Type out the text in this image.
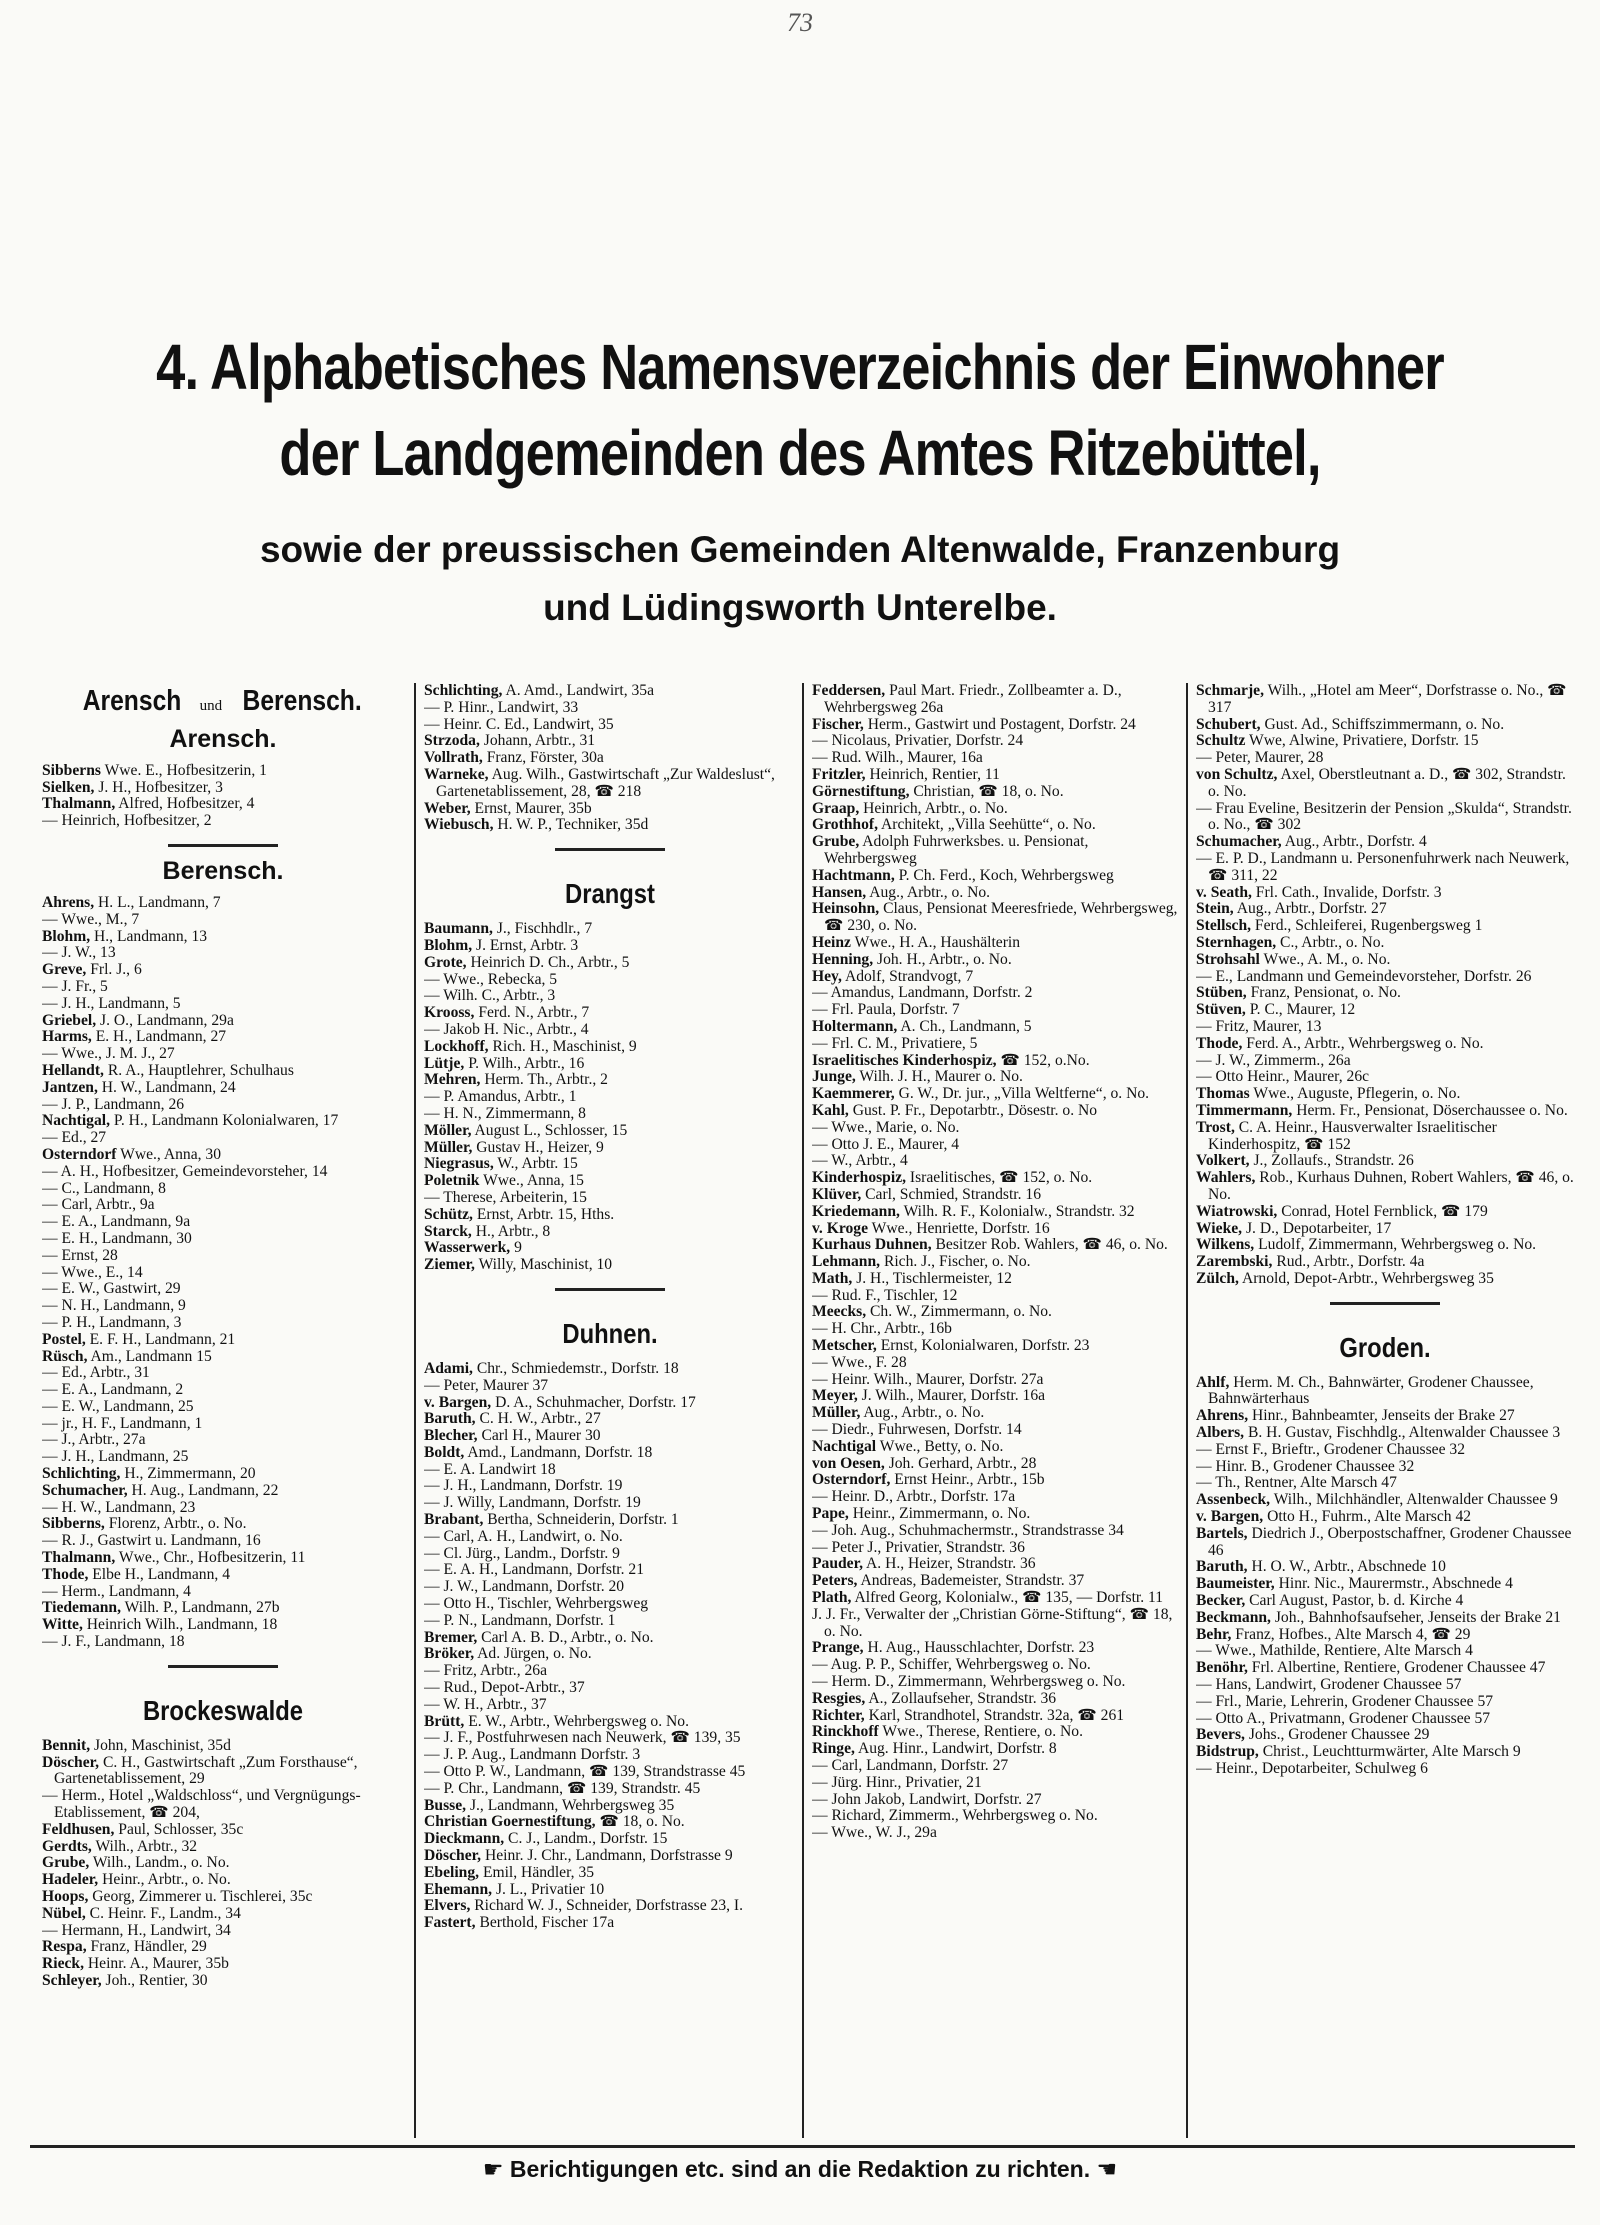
73
4. Alphabetisches Namensverzeichnis der Einwohner
der Landgemeinden des Amtes Ritzebüttel,
sowie der preussischen Gemeinden Altenwalde, Franzenburg
und Lüdingsworth Unterelbe.
Arensch und Berensch.
Arensch.
Sibberns Wwe. E., Hofbesitzerin, 1
Sielken, J. H., Hofbesitzer, 3
Thalmann, Alfred, Hofbesitzer, 4
— Heinrich, Hofbesitzer, 2
Berensch.
Ahrens, H. L., Landmann, 7
— Wwe., M., 7
Blohm, H., Landmann, 13
— J. W., 13
Greve, Frl. J., 6
— J. Fr., 5
— J. H., Landmann, 5
Griebel, J. O., Landmann, 29a
Harms, E. H., Landmann, 27
— Wwe., J. M. J., 27
Hellandt, R. A., Hauptlehrer, Schulhaus
Jantzen, H. W., Landmann, 24
— J. P., Landmann, 26
Nachtigal, P. H., Landmann Kolonialwaren, 17
— Ed., 27
Osterndorf Wwe., Anna, 30
— A. H., Hofbesitzer, Gemeindevorsteher, 14
— C., Landmann, 8
— Carl, Arbtr., 9a
— E. A., Landmann, 9a
— E. H., Landmann, 30
— Ernst, 28
— Wwe., E., 14
— E. W., Gastwirt, 29
— N. H., Landmann, 9
— P. H., Landmann, 3
Postel, E. F. H., Landmann, 21
Rüsch, Am., Landmann 15
— Ed., Arbtr., 31
— E. A., Landmann, 2
— E. W., Landmann, 25
— jr., H. F., Landmann, 1
— J., Arbtr., 27a
— J. H., Landmann, 25
Schlichting, H., Zimmermann, 20
Schumacher, H. Aug., Landmann, 22
— H. W., Landmann, 23
Sibberns, Florenz, Arbtr., o. No.
— R. J., Gastwirt u. Landmann, 16
Thalmann, Wwe., Chr., Hofbesitzerin, 11
Thode, Elbe H., Landmann, 4
— Herm., Landmann, 4
Tiedemann, Wilh. P., Landmann, 27b
Witte, Heinrich Wilh., Landmann, 18
— J. F., Landmann, 18
Brockeswalde
Bennit, John, Maschinist, 35d
Döscher, C. H., Gastwirtschaft „Zum Forsthause“, Gartenetablissement, 29
— Herm., Hotel „Waldschloss“, und Vergnügungs-Etablissement, ☎ 204,
Feldhusen, Paul, Schlosser, 35c
Gerdts, Wilh., Arbtr., 32
Grube, Wilh., Landm., o. No.
Hadeler, Heinr., Arbtr., o. No.
Hoops, Georg, Zimmerer u. Tischlerei, 35c
Nübel, C. Heinr. F., Landm., 34
— Hermann, H., Landwirt, 34
Respa, Franz, Händler, 29
Rieck, Heinr. A., Maurer, 35b
Schleyer, Joh., Rentier, 30
Schlichting, A. Amd., Landwirt, 35a
— P. Hinr., Landwirt, 33
— Heinr. C. Ed., Landwirt, 35
Strzoda, Johann, Arbtr., 31
Vollrath, Franz, Förster, 30a
Warneke, Aug. Wilh., Gastwirtschaft „Zur Waldeslust“, Gartenetablissement, 28, ☎ 218
Weber, Ernst, Maurer, 35b
Wiebusch, H. W. P., Techniker, 35d
Drangst
Baumann, J., Fischhdlr., 7
Blohm, J. Ernst, Arbtr. 3
Grote, Heinrich D. Ch., Arbtr., 5
— Wwe., Rebecka, 5
— Wilh. C., Arbtr., 3
Krooss, Ferd. N., Arbtr., 7
— Jakob H. Nic., Arbtr., 4
Lockhoff, Rich. H., Maschinist, 9
Lütje, P. Wilh., Arbtr., 16
Mehren, Herm. Th., Arbtr., 2
— P. Amandus, Arbtr., 1
— H. N., Zimmermann, 8
Möller, August L., Schlosser, 15
Müller, Gustav H., Heizer, 9
Niegrasus, W., Arbtr. 15
Poletnik Wwe., Anna, 15
— Therese, Arbeiterin, 15
Schütz, Ernst, Arbtr. 15, Hths.
Starck, H., Arbtr., 8
Wasserwerk, 9
Ziemer, Willy, Maschinist, 10
Duhnen.
Adami, Chr., Schmiedemstr., Dorfstr. 18
— Peter, Maurer 37
v. Bargen, D. A., Schuhmacher, Dorfstr. 17
Baruth, C. H. W., Arbtr., 27
Blecher, Carl H., Maurer 30
Boldt, Amd., Landmann, Dorfstr. 18
— E. A. Landwirt 18
— J. H., Landmann, Dorfstr. 19
— J. Willy, Landmann, Dorfstr. 19
Brabant, Bertha, Schneiderin, Dorfstr. 1
— Carl, A. H., Landwirt, o. No.
— Cl. Jürg., Landm., Dorfstr. 9
— E. A. H., Landmann, Dorfstr. 21
— J. W., Landmann, Dorfstr. 20
— Otto H., Tischler, Wehrbergsweg
— P. N., Landmann, Dorfstr. 1
Bremer, Carl A. B. D., Arbtr., o. No.
Bröker, Ad. Jürgen, o. No.
— Fritz, Arbtr., 26a
— Rud., Depot-Arbtr., 37
— W. H., Arbtr., 37
Brütt, E. W., Arbtr., Wehrbergsweg o. No.
— J. F., Postfuhrwesen nach Neuwerk, ☎ 139, 35
— J. P. Aug., Landmann Dorfstr. 3
— Otto P. W., Landmann, ☎ 139, Strandstrasse 45
— P. Chr., Landmann, ☎ 139, Strandstr. 45
Busse, J., Landmann, Wehrbergsweg 35
Christian Goernestiftung, ☎ 18, o. No.
Dieckmann, C. J., Landm., Dorfstr. 15
Döscher, Heinr. J. Chr., Landmann, Dorfstrasse 9
Ebeling, Emil, Händler, 35
Ehemann, J. L., Privatier 10
Elvers, Richard W. J., Schneider, Dorfstrasse 23, I.
Fastert, Berthold, Fischer 17a
Feddersen, Paul Mart. Friedr., Zollbeamter a. D., Wehrbergsweg 26a
Fischer, Herm., Gastwirt und Postagent, Dorfstr. 24
— Nicolaus, Privatier, Dorfstr. 24
— Rud. Wilh., Maurer, 16a
Fritzler, Heinrich, Rentier, 11
Görnestiftung, Christian, ☎ 18, o. No.
Graap, Heinrich, Arbtr., o. No.
Grothhof, Architekt, „Villa Seehütte“, o. No.
Grube, Adolph Fuhrwerksbes. u. Pensionat, Wehrbergsweg
Hachtmann, P. Ch. Ferd., Koch, Wehrbergsweg
Hansen, Aug., Arbtr., o. No.
Heinsohn, Claus, Pensionat Meeresfriede, Wehrbergsweg, ☎ 230, o. No.
Heinz Wwe., H. A., Haushälterin
Henning, Joh. H., Arbtr., o. No.
Hey, Adolf, Strandvogt, 7
— Amandus, Landmann, Dorfstr. 2
— Frl. Paula, Dorfstr. 7
Holtermann, A. Ch., Landmann, 5
— Frl. C. M., Privatiere, 5
Israelitisches Kinderhospiz, ☎ 152, o.No.
Junge, Wilh. J. H., Maurer o. No.
Kaemmerer, G. W., Dr. jur., „Villa Weltferne“, o. No.
Kahl, Gust. P. Fr., Depotarbtr., Dösestr. o. No
— Wwe., Marie, o. No.
— Otto J. E., Maurer, 4
— W., Arbtr., 4
Kinderhospiz, Israelitisches, ☎ 152, o. No.
Klüver, Carl, Schmied, Strandstr. 16
Kriedemann, Wilh. R. F., Kolonialw., Strandstr. 32
v. Kroge Wwe., Henriette, Dorfstr. 16
Kurhaus Duhnen, Besitzer Rob. Wahlers, ☎ 46, o. No.
Lehmann, Rich. J., Fischer, o. No.
Math, J. H., Tischlermeister, 12
— Rud. F., Tischler, 12
Meecks, Ch. W., Zimmermann, o. No.
— H. Chr., Arbtr., 16b
Metscher, Ernst, Kolonialwaren, Dorfstr. 23
— Wwe., F. 28
— Heinr. Wilh., Maurer, Dorfstr. 27a
Meyer, J. Wilh., Maurer, Dorfstr. 16a
Müller, Aug., Arbtr., o. No.
— Diedr., Fuhrwesen, Dorfstr. 14
Nachtigal Wwe., Betty, o. No.
von Oesen, Joh. Gerhard, Arbtr., 28
Osterndorf, Ernst Heinr., Arbtr., 15b
— Heinr. D., Arbtr., Dorfstr. 17a
Pape, Heinr., Zimmermann, o. No.
— Joh. Aug., Schuhmachermstr., Strandstrasse 34
— Peter J., Privatier, Strandstr. 36
Pauder, A. H., Heizer, Strandstr. 36
Peters, Andreas, Bademeister, Strandstr. 37
Plath, Alfred Georg, Kolonialw., ☎ 135, — Dorfstr. 11
J. J. Fr., Verwalter der „Christian Görne-Stiftung“, ☎ 18, o. No.
Prange, H. Aug., Hausschlachter, Dorfstr. 23
— Aug. P. P., Schiffer, Wehrbergsweg o. No.
— Herm. D., Zimmermann, Wehrbergsweg o. No.
Resgies, A., Zollaufseher, Strandstr. 36
Richter, Karl, Strandhotel, Strandstr. 32a, ☎ 261
Rinckhoff Wwe., Therese, Rentiere, o. No.
Ringe, Aug. Hinr., Landwirt, Dorfstr. 8
— Carl, Landmann, Dorfstr. 27
— Jürg. Hinr., Privatier, 21
— John Jakob, Landwirt, Dorfstr. 27
— Richard, Zimmerm., Wehrbergsweg o. No.
— Wwe., W. J., 29a
Schmarje, Wilh., „Hotel am Meer“, Dorfstrasse o. No., ☎ 317
Schubert, Gust. Ad., Schiffszimmermann, o. No.
Schultz Wwe, Alwine, Privatiere, Dorfstr. 15
— Peter, Maurer, 28
von Schultz, Axel, Oberstleutnant a. D., ☎ 302, Strandstr. o. No.
— Frau Eveline, Besitzerin der Pension „Skulda“, Strandstr. o. No., ☎ 302
Schumacher, Aug., Arbtr., Dorfstr. 4
— E. P. D., Landmann u. Personenfuhrwerk nach Neuwerk, ☎ 311, 22
v. Seath, Frl. Cath., Invalide, Dorfstr. 3
Stein, Aug., Arbtr., Dorfstr. 27
Stellsch, Ferd., Schleiferei, Rugenbergsweg 1
Sternhagen, C., Arbtr., o. No.
Strohsahl Wwe., A. M., o. No.
— E., Landmann und Gemeindevorsteher, Dorfstr. 26
Stüben, Franz, Pensionat, o. No.
Stüven, P. C., Maurer, 12
— Fritz, Maurer, 13
Thode, Ferd. A., Arbtr., Wehrbergsweg o. No.
— J. W., Zimmerm., 26a
— Otto Heinr., Maurer, 26c
Thomas Wwe., Auguste, Pflegerin, o. No.
Timmermann, Herm. Fr., Pensionat, Döserchaussee o. No.
Trost, C. A. Heinr., Hausverwalter Israelitischer Kinderhospitz, ☎ 152
Volkert, J., Zollaufs., Strandstr. 26
Wahlers, Rob., Kurhaus Duhnen, Robert Wahlers, ☎ 46, o. No.
Wiatrowski, Conrad, Hotel Fernblick, ☎ 179
Wieke, J. D., Depotarbeiter, 17
Wilkens, Ludolf, Zimmermann, Wehrbergsweg o. No.
Zarembski, Rud., Arbtr., Dorfstr. 4a
Zülch, Arnold, Depot-Arbtr., Wehrbergsweg 35
Groden.
Ahlf, Herm. M. Ch., Bahnwärter, Grodener Chaussee, Bahnwärterhaus
Ahrens, Hinr., Bahnbeamter, Jenseits der Brake 27
Albers, B. H. Gustav, Fischhdlg., Altenwalder Chaussee 3
— Ernst F., Brieftr., Grodener Chaussee 32
— Hinr. B., Grodener Chaussee 32
— Th., Rentner, Alte Marsch 47
Assenbeck, Wilh., Milchhändler, Altenwalder Chaussee 9
v. Bargen, Otto H., Fuhrm., Alte Marsch 42
Bartels, Diedrich J., Oberpostschaffner, Grodener Chaussee 46
Baruth, H. O. W., Arbtr., Abschnede 10
Baumeister, Hinr. Nic., Maurermstr., Abschnede 4
Becker, Carl August, Pastor, b. d. Kirche 4
Beckmann, Joh., Bahnhofsaufseher, Jenseits der Brake 21
Behr, Franz, Hofbes., Alte Marsch 4, ☎ 29
— Wwe., Mathilde, Rentiere, Alte Marsch 4
Benöhr, Frl. Albertine, Rentiere, Grodener Chaussee 47
— Hans, Landwirt, Grodener Chaussee 57
— Frl., Marie, Lehrerin, Grodener Chaussee 57
— Otto A., Privatmann, Grodener Chaussee 57
Bevers, Johs., Grodener Chaussee 29
Bidstrup, Christ., Leuchtturmwärter, Alte Marsch 9
— Heinr., Depotarbeiter, Schulweg 6
☛ Berichtigungen etc. sind an die Redaktion zu richten. ☚
